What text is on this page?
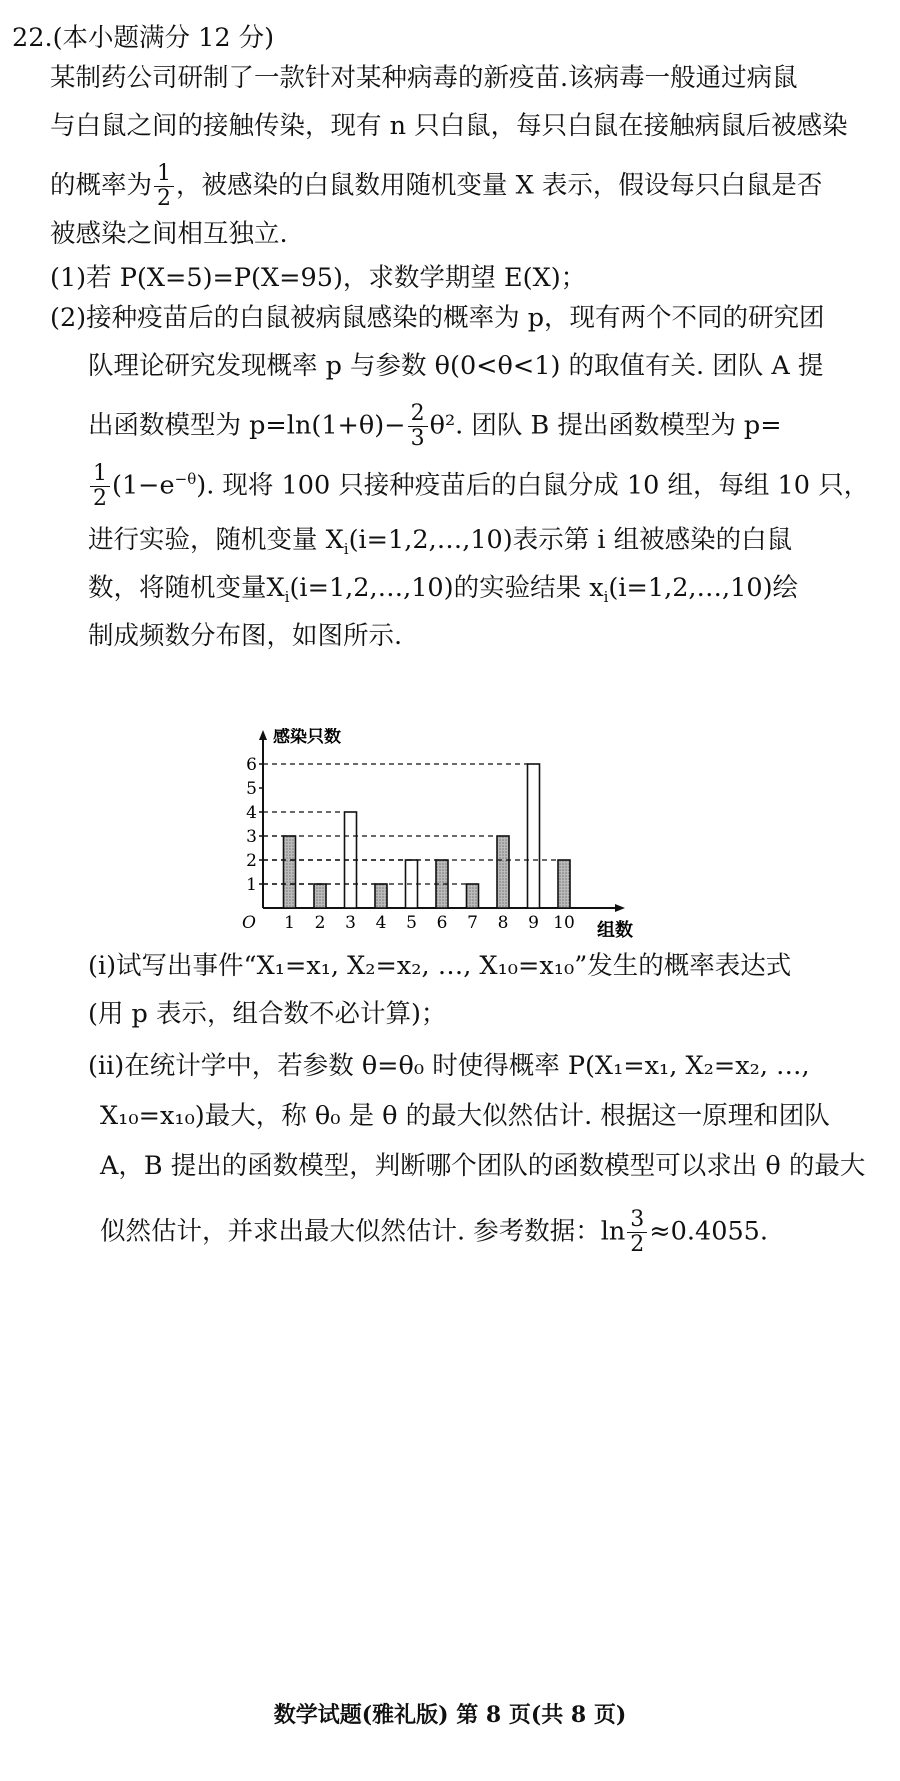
22.(本小题满分 12 分)
某制药公司研制了一款针对某种病毒的新疫苗.该病毒一般通过病鼠
与白鼠之间的接触传染，现有 n 只白鼠，每只白鼠在接触病鼠后被感染
的概率为 $\frac{1}{2}$ ，被感染的白鼠数用随机变量 X 表示，假设每只白鼠是否
被感染之间相互独立.
(1)若 P(X=5)=P(X=95)，求数学期望 E(X)；
(2)接种疫苗后的白鼠被病鼠感染的概率为 p，现有两个不同的研究团
队理论研究发现概率 p 与参数 θ(0<θ<1) 的取值有关. 团队 A 提
出函数模型为 $p=\ln(1+\theta)- \frac{2}{3} \theta^2$. 团队 B 提出函数模型为 p=
$\frac{1}{2} (1-e^{-\theta})$. 现将 100 只接种疫苗后的白鼠分成 10 组，每组 10 只，
进行实验，随机变量 $X_i(i=1,2,\dots,10)$表示第 i 组被感染的白鼠
数，将随机变量$X_i(i=1,2,\dots,10)$的实验结果 $x_i(i=1,2,\dots,10)$绘
制成频数分布图，如图所示.
1 2 3 4 5 6 7 8 9 10
1
2
3
4
5
6
O
感染只数
组数
(ⅰ)试写出事件“X₁=x₁, X₂=x₂, …, X₁₀=x₁₀”发生的概率表达式
(用 p 表示，组合数不必计算)；
(ⅱ)在统计学中，若参数 θ=θ₀ 时使得概率 P(X₁=x₁, X₂=x₂, …,
X₁₀=x₁₀)最大，称 θ₀ 是 θ 的最大似然估计. 根据这一原理和团队
A，B 提出的函数模型，判断哪个团队的函数模型可以求出 θ 的最大
似然估计，并求出最大似然估计. 参考数据：$\ln \frac{3}{2} \approx 0.4055$.
数学试题(雅礼版) 第 8 页(共 8 页)
